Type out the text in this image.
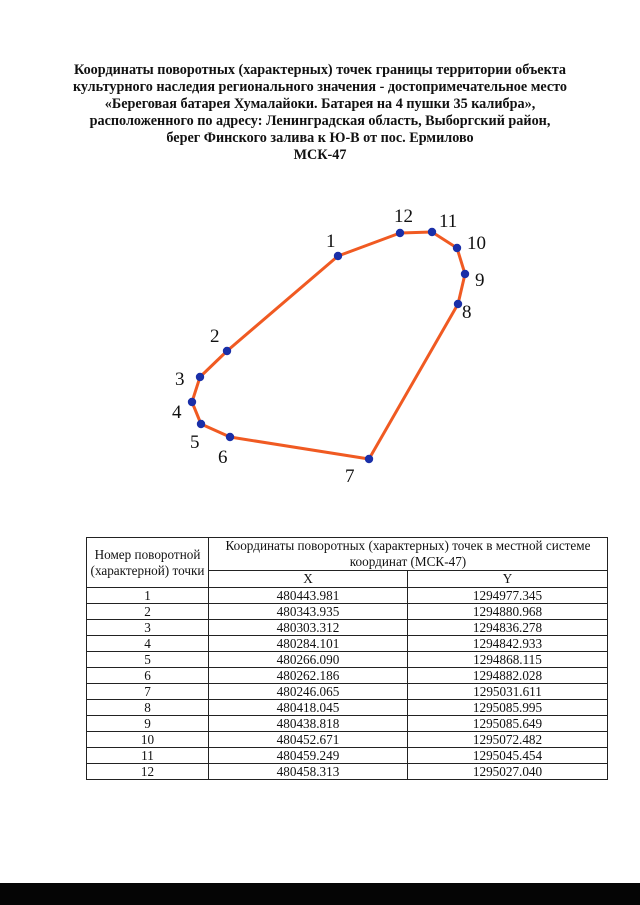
Координаты поворотных (характерных) точек границы территории объекта
культурного наследия регионального значения - достопримечательное место
«Береговая батарея Хумалайоки. Батарея на 4 пушки 35 калибра»,
расположенного по адресу: Ленинградская область, Выборгский район,
берег Финского залива к Ю-В от пос. Ермилово
МСК-47
1
2
3
4
5
6
7
8
9
10
11
12
Номер поворотной (характерной) точки	Координаты поворотных (характерных) точек в местной системе координат (МСК-47)	
	X	Y
1	480443.981	1294977.345
2	480343.935	1294880.968
3	480303.312	1294836.278
4	480284.101	1294842.933
5	480266.090	1294868.115
6	480262.186	1294882.028
7	480246.065	1295031.611
8	480418.045	1295085.995
9	480438.818	1295085.649
10	480452.671	1295072.482
11	480459.249	1295045.454
12	480458.313	1295027.040
